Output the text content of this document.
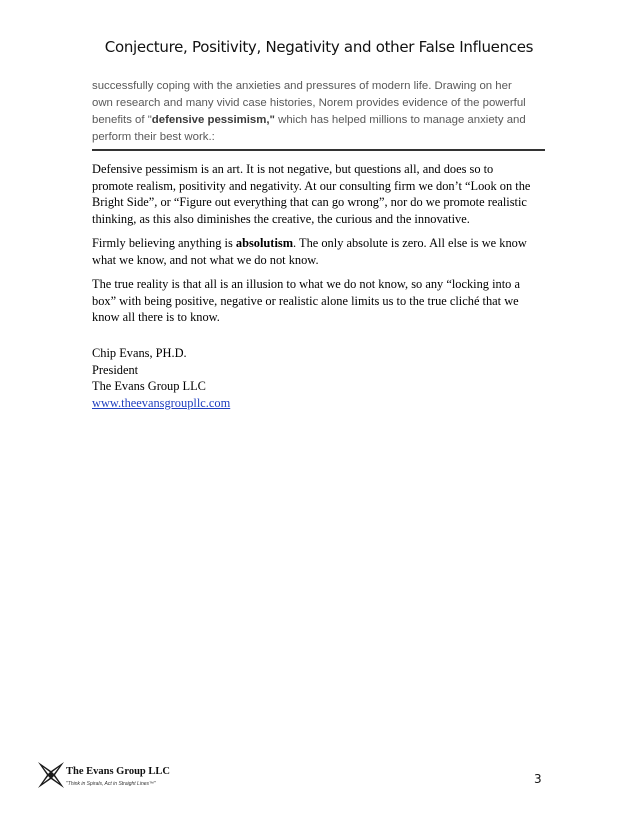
Conjecture, Positivity, Negativity and other False Influences
successfully coping with the anxieties and pressures of modern life. Drawing on her own research and many vivid case histories, Norem provides evidence of the powerful benefits of "defensive pessimism," which has helped millions to manage anxiety and perform their best work.:
Defensive pessimism is an art. It is not negative, but questions all, and does so to promote realism, positivity and negativity. At our consulting firm we don’t “Look on the Bright Side”, or “Figure out everything that can go wrong”, nor do we promote realistic thinking, as this also diminishes the creative, the curious and the innovative.
Firmly believing anything is absolutism. The only absolute is zero. All else is we know what we know, and not what we do not know.
The true reality is that all is an illusion to what we do not know, so any “locking into a box” with being positive, negative or realistic alone limits us to the true cliché that we know all there is to know.
Chip Evans, PH.D.
President
The Evans Group LLC
www.theevansgroupllc.com
The Evans Group LLC
"Think in Spirals, Act in Straight Lines™"	3
